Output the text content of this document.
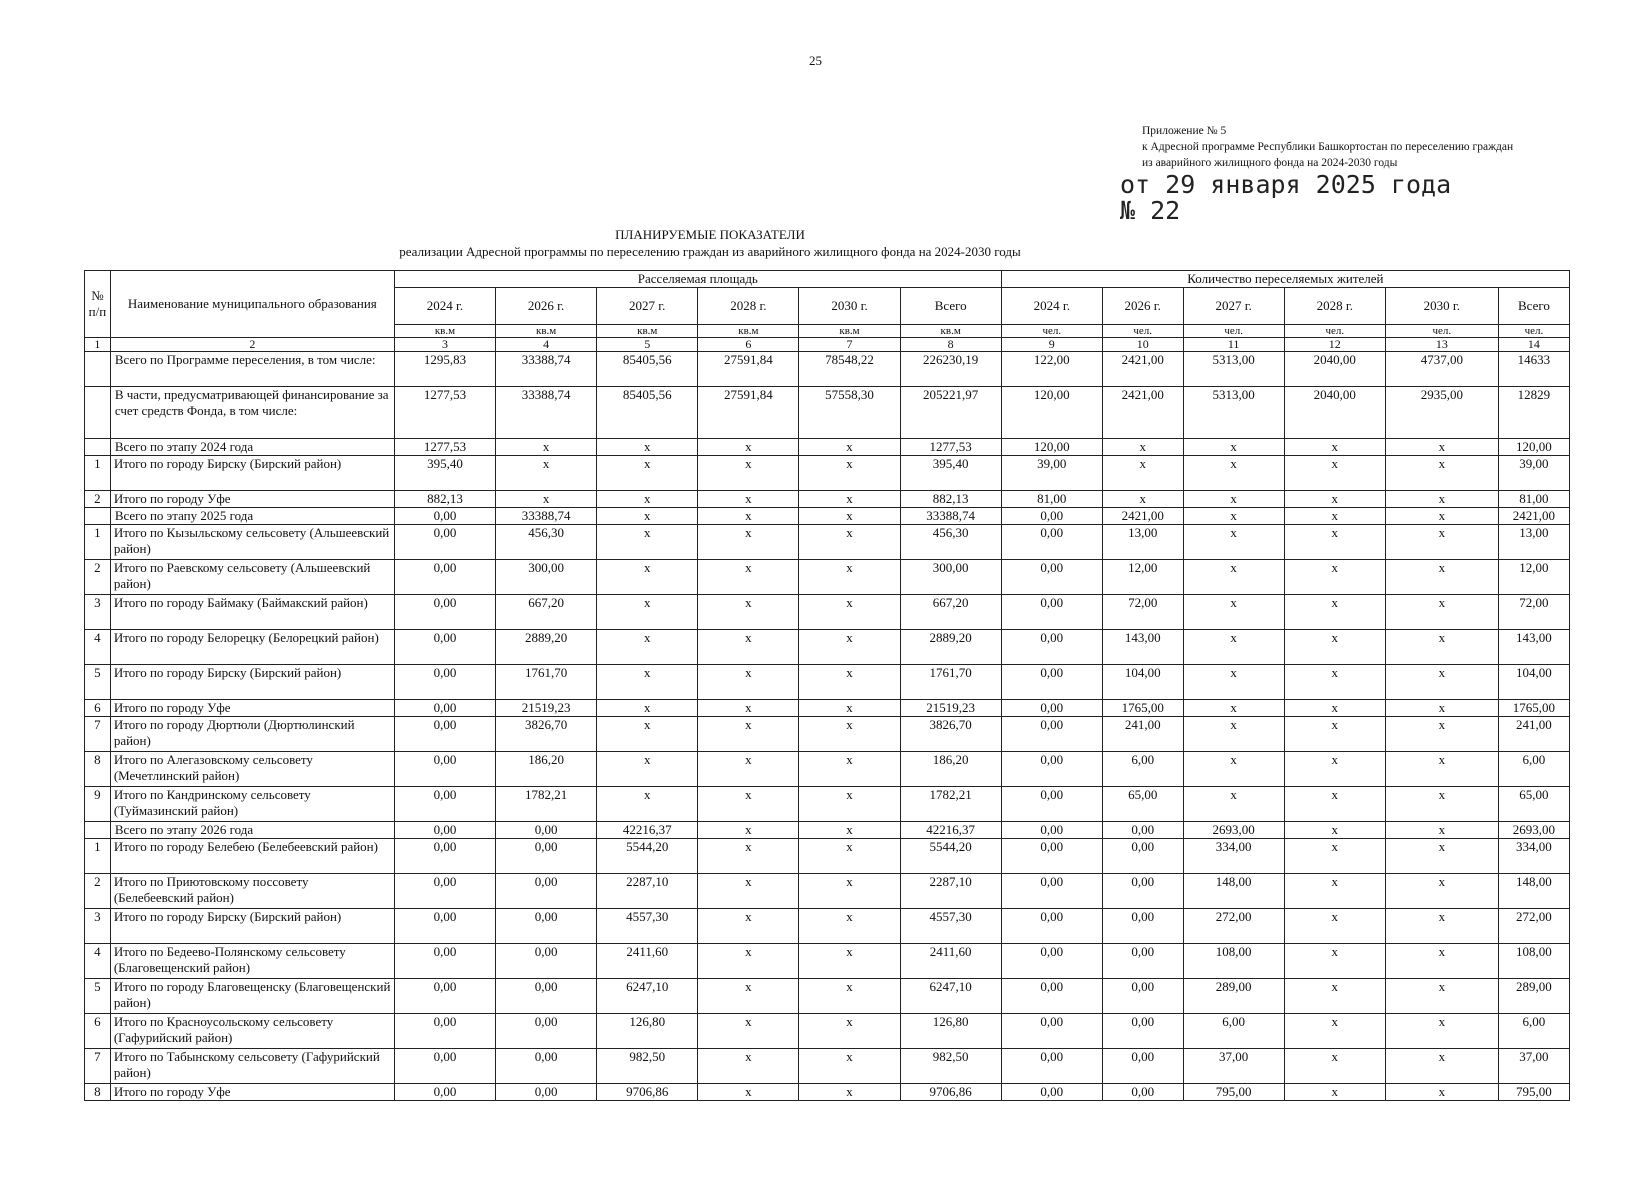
25
Приложение № 5
к Адресной программе Республики Башкортостан по переселению граждан
из аварийного жилищного фонда на 2024-2030 годы
от 29 января 2025 года
№ 22
ПЛАНИРУЕМЫЕ ПОКАЗАТЕЛИ
реализации Адресной программы по переселению граждан из аварийного жилищного фонда на 2024-2030 годы
№ п/п	Наименование муниципального образования	Расселяемая площадь						Количество переселяемых жителей					
		2024 г.	2026 г.	2027 г.	2028 г.	2030 г.	Всего	2024 г.	2026 г.	2027 г.	2028 г.	2030 г.	Всего
		кв.м	кв.м	кв.м	кв.м	кв.м	кв.м	чел.	чел.	чел.	чел.	чел.	чел.
1	2	3	4	5	6	7	8	9	10	11	12	13	14
	Всего по Программе переселения, в том числе:	1295,83	33388,74	85405,56	27591,84	78548,22	226230,19	122,00	2421,00	5313,00	2040,00	4737,00	14633
	В части, предусматривающей финансирование за счет средств Фонда, в том числе:	1277,53	33388,74	85405,56	27591,84	57558,30	205221,97	120,00	2421,00	5313,00	2040,00	2935,00	12829
	Всего по этапу 2024 года	1277,53	х	х	х	х	1277,53	120,00	х	х	х	х	120,00
1	Итого по городу Бирску (Бирский район)	395,40	х	х	х	х	395,40	39,00	х	х	х	х	39,00
2	Итого по городу Уфе	882,13	х	х	х	х	882,13	81,00	х	х	х	х	81,00
	Всего по этапу 2025 года	0,00	33388,74	х	х	х	33388,74	0,00	2421,00	х	х	х	2421,00
1	Итого по Кызыльскому сельсовету (Альшеевский район)	0,00	456,30	х	х	х	456,30	0,00	13,00	х	х	х	13,00
2	Итого по Раевскому сельсовету (Альшеевский район)	0,00	300,00	х	х	х	300,00	0,00	12,00	х	х	х	12,00
3	Итого по городу Баймаку (Баймакский район)	0,00	667,20	х	х	х	667,20	0,00	72,00	х	х	х	72,00
4	Итого по городу Белорецку (Белорецкий район)	0,00	2889,20	х	х	х	2889,20	0,00	143,00	х	х	х	143,00
5	Итого по городу Бирску (Бирский район)	0,00	1761,70	х	х	х	1761,70	0,00	104,00	х	х	х	104,00
6	Итого по городу Уфе	0,00	21519,23	х	х	х	21519,23	0,00	1765,00	х	х	х	1765,00
7	Итого по городу Дюртюли (Дюртюлинский район)	0,00	3826,70	х	х	х	3826,70	0,00	241,00	х	х	х	241,00
8	Итого по Алегазовскому сельсовету (Мечетлинский район)	0,00	186,20	х	х	х	186,20	0,00	6,00	х	х	х	6,00
9	Итого по Кандринскому сельсовету (Туймазинский район)	0,00	1782,21	х	х	х	1782,21	0,00	65,00	х	х	х	65,00
	Всего по этапу 2026 года	0,00	0,00	42216,37	х	х	42216,37	0,00	0,00	2693,00	х	х	2693,00
1	Итого по городу Белебею (Белебеевский район)	0,00	0,00	5544,20	х	х	5544,20	0,00	0,00	334,00	х	х	334,00
2	Итого по Приютовскому поссовету (Белебеевский район)	0,00	0,00	2287,10	х	х	2287,10	0,00	0,00	148,00	х	х	148,00
3	Итого по городу Бирску (Бирский район)	0,00	0,00	4557,30	х	х	4557,30	0,00	0,00	272,00	х	х	272,00
4	Итого по Бедеево-Полянскому сельсовету (Благовещенский район)	0,00	0,00	2411,60	х	х	2411,60	0,00	0,00	108,00	х	х	108,00
5	Итого по городу Благовещенску (Благовещенский район)	0,00	0,00	6247,10	х	х	6247,10	0,00	0,00	289,00	х	х	289,00
6	Итого по Красноусольскому сельсовету (Гафурийский район)	0,00	0,00	126,80	х	х	126,80	0,00	0,00	6,00	х	х	6,00
7	Итого по Табынскому сельсовету (Гафурийский район)	0,00	0,00	982,50	х	х	982,50	0,00	0,00	37,00	х	х	37,00
8	Итого по городу Уфе	0,00	0,00	9706,86	х	х	9706,86	0,00	0,00	795,00	х	х	795,00
